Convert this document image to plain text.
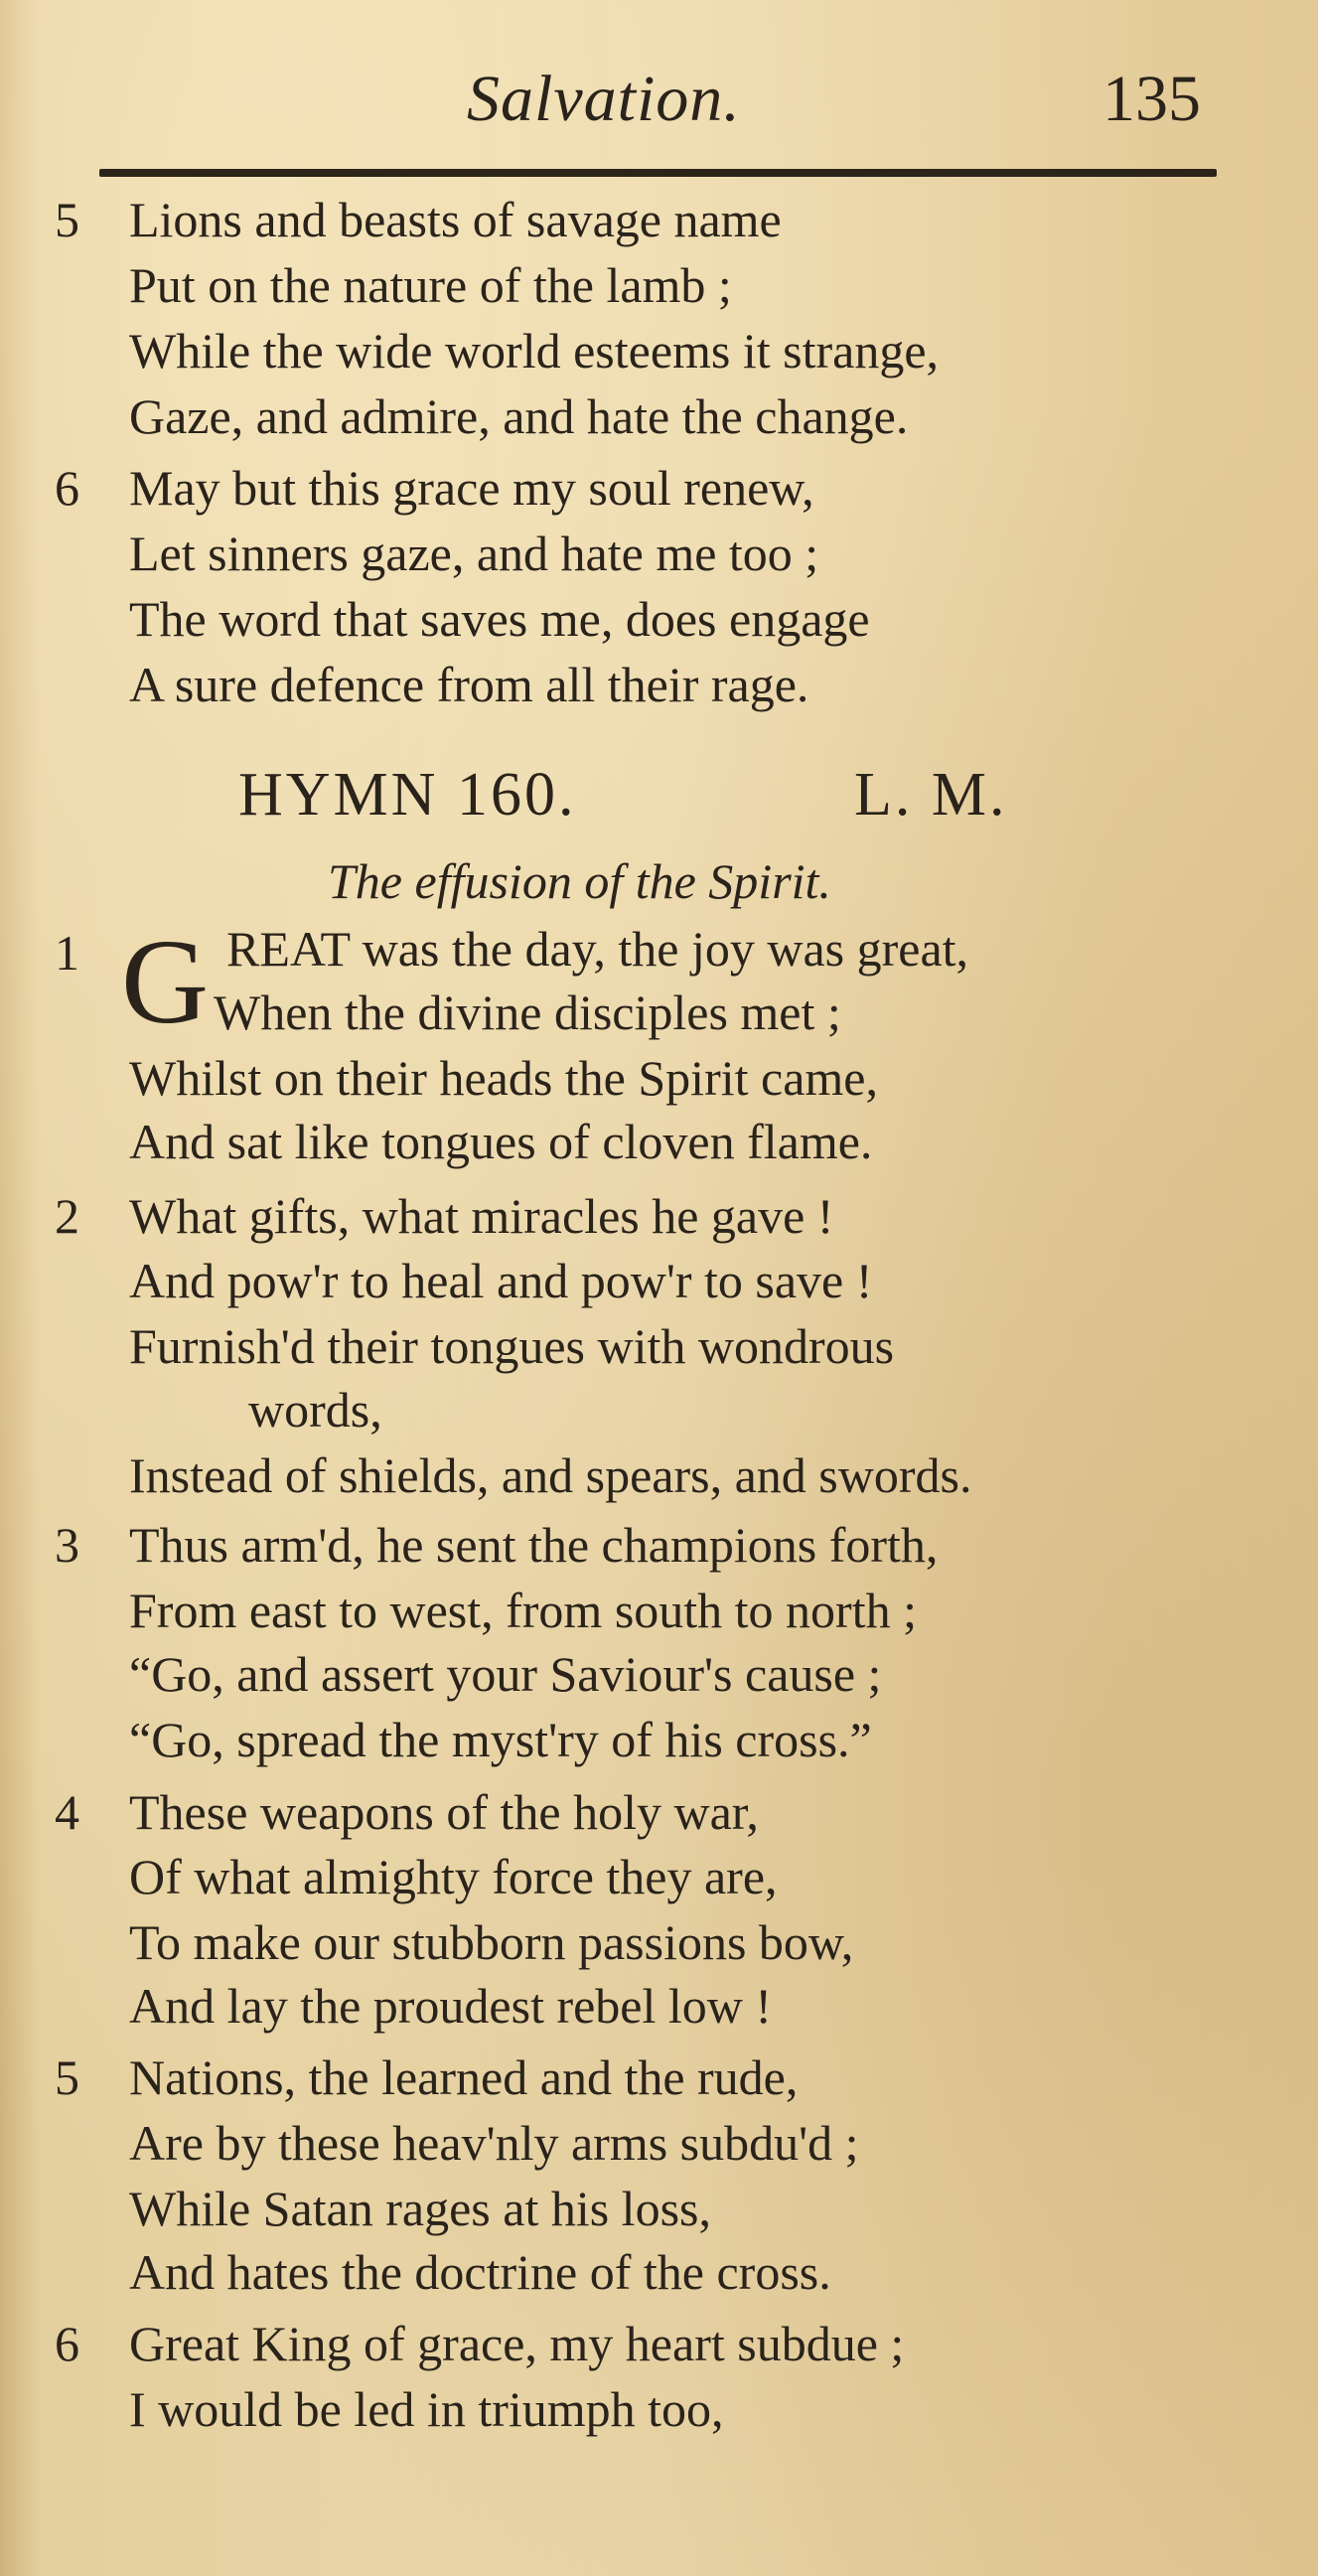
Salvation.	135
5 Lions and beasts of savage name
Put on the nature of the lamb ;
While the wide world esteems it strange,
Gaze, and admire, and hate the change.
6 May but this grace my soul renew,
Let sinners gaze, and hate me too ;
The word that saves me, does engage
A sure defence from all their rage.
HYMN 160.	L. M.
The effusion of the Spirit.
1 G REAT was the day, the joy was great,
When the divine disciples met ;
Whilst on their heads the Spirit came,
And sat like tongues of cloven flame.
2 What gifts, what miracles he gave !
And pow'r to heal and pow'r to save !
Furnish'd their tongues with wondrous
words,
Instead of shields, and spears, and swords.
3 Thus arm'd, he sent the champions forth,
From east to west, from south to north ;
“Go, and assert your Saviour's cause ;
“Go, spread the myst'ry of his cross.”
4 These weapons of the holy war,
Of what almighty force they are,
To make our stubborn passions bow,
And lay the proudest rebel low !
5 Nations, the learned and the rude,
Are by these heav'nly arms subdu'd ;
While Satan rages at his loss,
And hates the doctrine of the cross.
6 Great King of grace, my heart subdue ;
I would be led in triumph too,
